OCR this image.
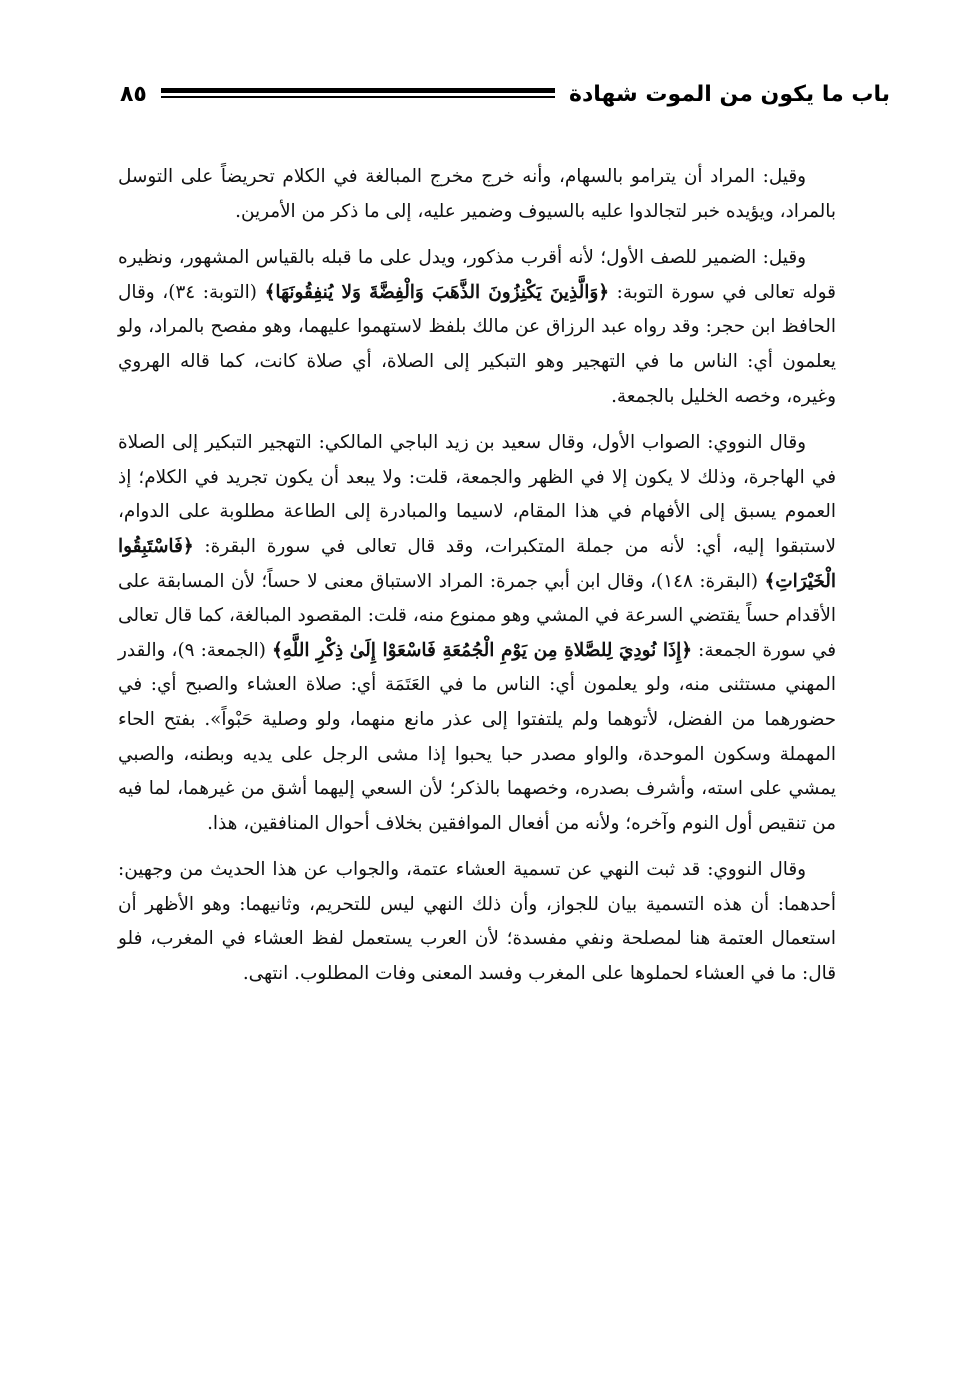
باب ما يكون من الموت شهادة
٨٥

وقيل: المراد أن يترامو بالسهام، وأنه خرج مخرج المبالغة في الكلام تحريضاً على التوسل بالمراد، ويؤيده خبر لتجالدوا عليه بالسيوف وضمير عليه، إلى ما ذكر من الأمرين.

وقيل: الضمير للصف الأول؛ لأنه أقرب مذكور، ويدل على ما قبله بالقياس المشهور، ونظيره قوله تعالى في سورة التوبة: ﴿وَالَّذِينَ يَكْنِزُونَ الذَّهَبَ وَالْفِضَّةَ وَلا يُنفِقُونَهَا﴾ (التوبة: ٣٤)، وقال الحافظ ابن حجر: وقد رواه عبد الرزاق عن مالك بلفظ لاستهموا عليهما، وهو مفصح بالمراد، ولو يعلمون أي: الناس ما في التهجير وهو التبكير إلى الصلاة، أي صلاة كانت، كما قاله الهروي وغيره، وخصه الخليل بالجمعة.

وقال النووي: الصواب الأول، وقال سعيد بن زيد الباجي المالكي: التهجير التبكير إلى الصلاة في الهاجرة، وذلك لا يكون إلا في الظهر والجمعة، قلت: ولا يبعد أن يكون تجريد في الكلام؛ إذ العموم يسبق إلى الأفهام في هذا المقام، لاسيما والمبادرة إلى الطاعة مطلوبة على الدوام، لاستبقوا إليه، أي: لأنه من جملة المتكبرات، وقد قال تعالى في سورة البقرة: ﴿فَاسْتَبِقُوا الْخَيْرَاتِ﴾ (البقرة: ١٤٨)، وقال ابن أبي جمرة: المراد الاستباق معنى لا حساً؛ لأن المسابقة على الأقدام حساً يقتضي السرعة في المشي وهو ممنوع منه، قلت: المقصود المبالغة، كما قال تعالى في سورة الجمعة: ﴿إِذَا نُودِيَ لِلصَّلاةِ مِن يَوْمِ الْجُمُعَةِ فَاسْعَوْا إِلَىٰ ذِكْرِ اللَّهِ﴾ (الجمعة: ٩)، والقدر المهني مستثنى منه، ولو يعلمون أي: الناس ما في العَتَمَة أي: صلاة العشاء والصبح أي: في حضورهما من الفضل، لأتوهما ولم يلتفتوا إلى عذر مانع منهما، ولو وصلية حَبْواً». بفتح الحاء المهملة وسكون الموحدة، والواو مصدر حبا يحبوا إذا مشى الرجل على يديه وبطنه، والصبي يمشي على استه، وأشرف بصدره، وخصهما بالذكر؛ لأن السعي إليهما أشق من غيرهما، لما فيه من تنقيص أول النوم وآخره؛ ولأنه من أفعال الموافقين بخلاف أحوال المنافقين، هذا.

وقال النووي: قد ثبت النهي عن تسمية العشاء عتمة، والجواب عن هذا الحديث من وجهين: أحدهما: أن هذه التسمية بيان للجواز، وأن ذلك النهي ليس للتحريم، وثانيهما: وهو الأظهر أن استعمال العتمة هنا لمصلحة ونفي مفسدة؛ لأن العرب يستعمل لفظ العشاء في المغرب، فلو قال: ما في العشاء لحملوها على المغرب وفسد المعنى وفات المطلوب. انتهى.
